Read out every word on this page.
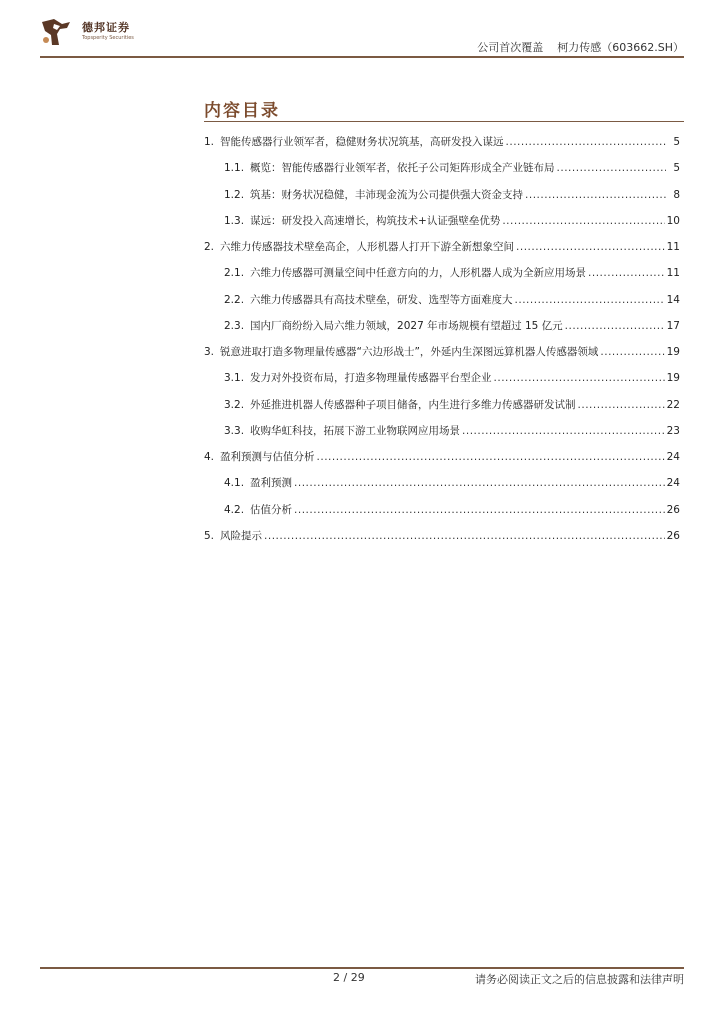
德邦证券
Topsperity Securities
公司首次覆盖 柯力传感（603662.SH）
内容目录
1. 智能传感器行业领军者，稳健财务状况筑基，高研发投入谋远 .....	5
1.1. 概览：智能传感器行业领军者，依托子公司矩阵形成全产业链布局 .....	5
1.2. 筑基：财务状况稳健，丰沛现金流为公司提供强大资金支持 .....	8
1.3. 谋远：研发投入高速增长，构筑技术+认证强壁垒优势 .....	10
2. 六维力传感器技术壁垒高企，人形机器人打开下游全新想象空间 .....	11
2.1. 六维力传感器可测量空间中任意方向的力，人形机器人成为全新应用场景 .....	11
2.2. 六维力传感器具有高技术壁垒，研发、选型等方面难度大 .....	14
2.3. 国内厂商纷纷入局六维力领域，2027 年市场规模有望超过 15 亿元 .....	17
3. 锐意进取打造多物理量传感器“六边形战士”，外延内生深图远算机器人传感器领域 .....	19
3.1. 发力对外投资布局，打造多物理量传感器平台型企业 .....	19
3.2. 外延推进机器人传感器种子项目储备，内生进行多维力传感器研发试制 .....	22
3.3. 收购华虹科技，拓展下游工业物联网应用场景 .....	23
4. 盈利预测与估值分析 .....	24
4.1. 盈利预测 .....	24
4.2. 估值分析 .....	26
5. 风险提示 .....	26
2 / 29	请务必阅读正文之后的信息披露和法律声明
